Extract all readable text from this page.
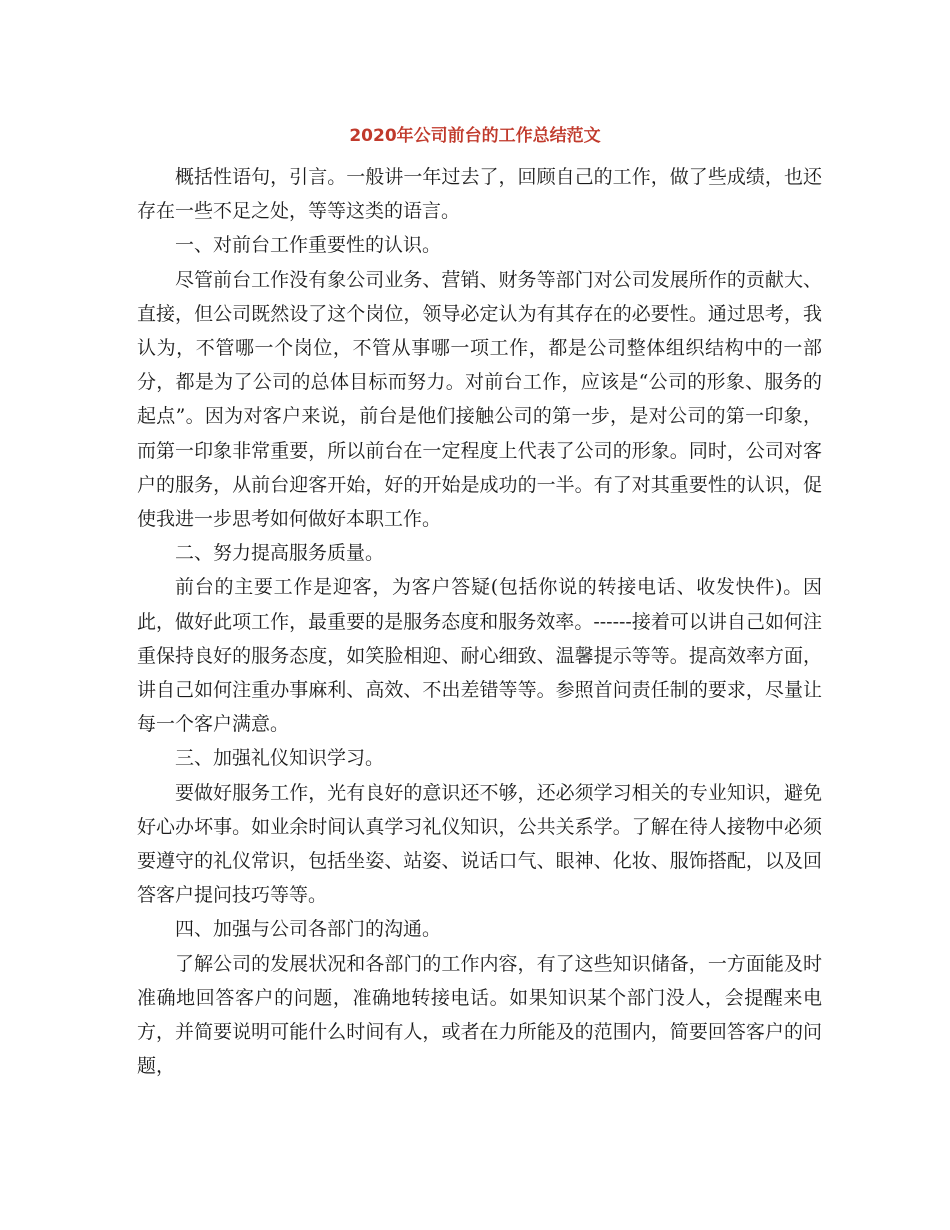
2020年公司前台的工作总结范文

概括性语句，引言。一般讲一年过去了，回顾自己的工作，做了些成绩，也还存在一些不足之处，等等这类的语言。

一、对前台工作重要性的认识。

尽管前台工作没有象公司业务、营销、财务等部门对公司发展所作的贡献大、直接，但公司既然设了这个岗位，领导必定认为有其存在的必要性。通过思考，我认为，不管哪一个岗位，不管从事哪一项工作，都是公司整体组织结构中的一部分，都是为了公司的总体目标而努力。对前台工作，应该是“公司的形象、服务的起点”。因为对客户来说，前台是他们接触公司的第一步，是对公司的第一印象，而第一印象非常重要，所以前台在一定程度上代表了公司的形象。同时，公司对客户的服务，从前台迎客开始，好的开始是成功的一半。有了对其重要性的认识，促使我进一步思考如何做好本职工作。

二、努力提高服务质量。

前台的主要工作是迎客，为客户答疑(包括你说的转接电话、收发快件)。因此，做好此项工作，最重要的是服务态度和服务效率。------接着可以讲自己如何注重保持良好的服务态度，如笑脸相迎、耐心细致、温馨提示等等。提高效率方面，讲自己如何注重办事麻利、高效、不出差错等等。参照首问责任制的要求，尽量让每一个客户满意。

三、加强礼仪知识学习。

要做好服务工作，光有良好的意识还不够，还必须学习相关的专业知识，避免好心办坏事。如业余时间认真学习礼仪知识，公共关系学。了解在待人接物中必须要遵守的礼仪常识，包括坐姿、站姿、说话口气、眼神、化妆、服饰搭配，以及回答客户提问技巧等等。

四、加强与公司各部门的沟通。

了解公司的发展状况和各部门的工作内容，有了这些知识储备，一方面能及时准确地回答客户的问题，准确地转接电话。如果知识某个部门没人，会提醒来电方，并简要说明可能什么时间有人，或者在力所能及的范围内，简要回答客户的问题，
